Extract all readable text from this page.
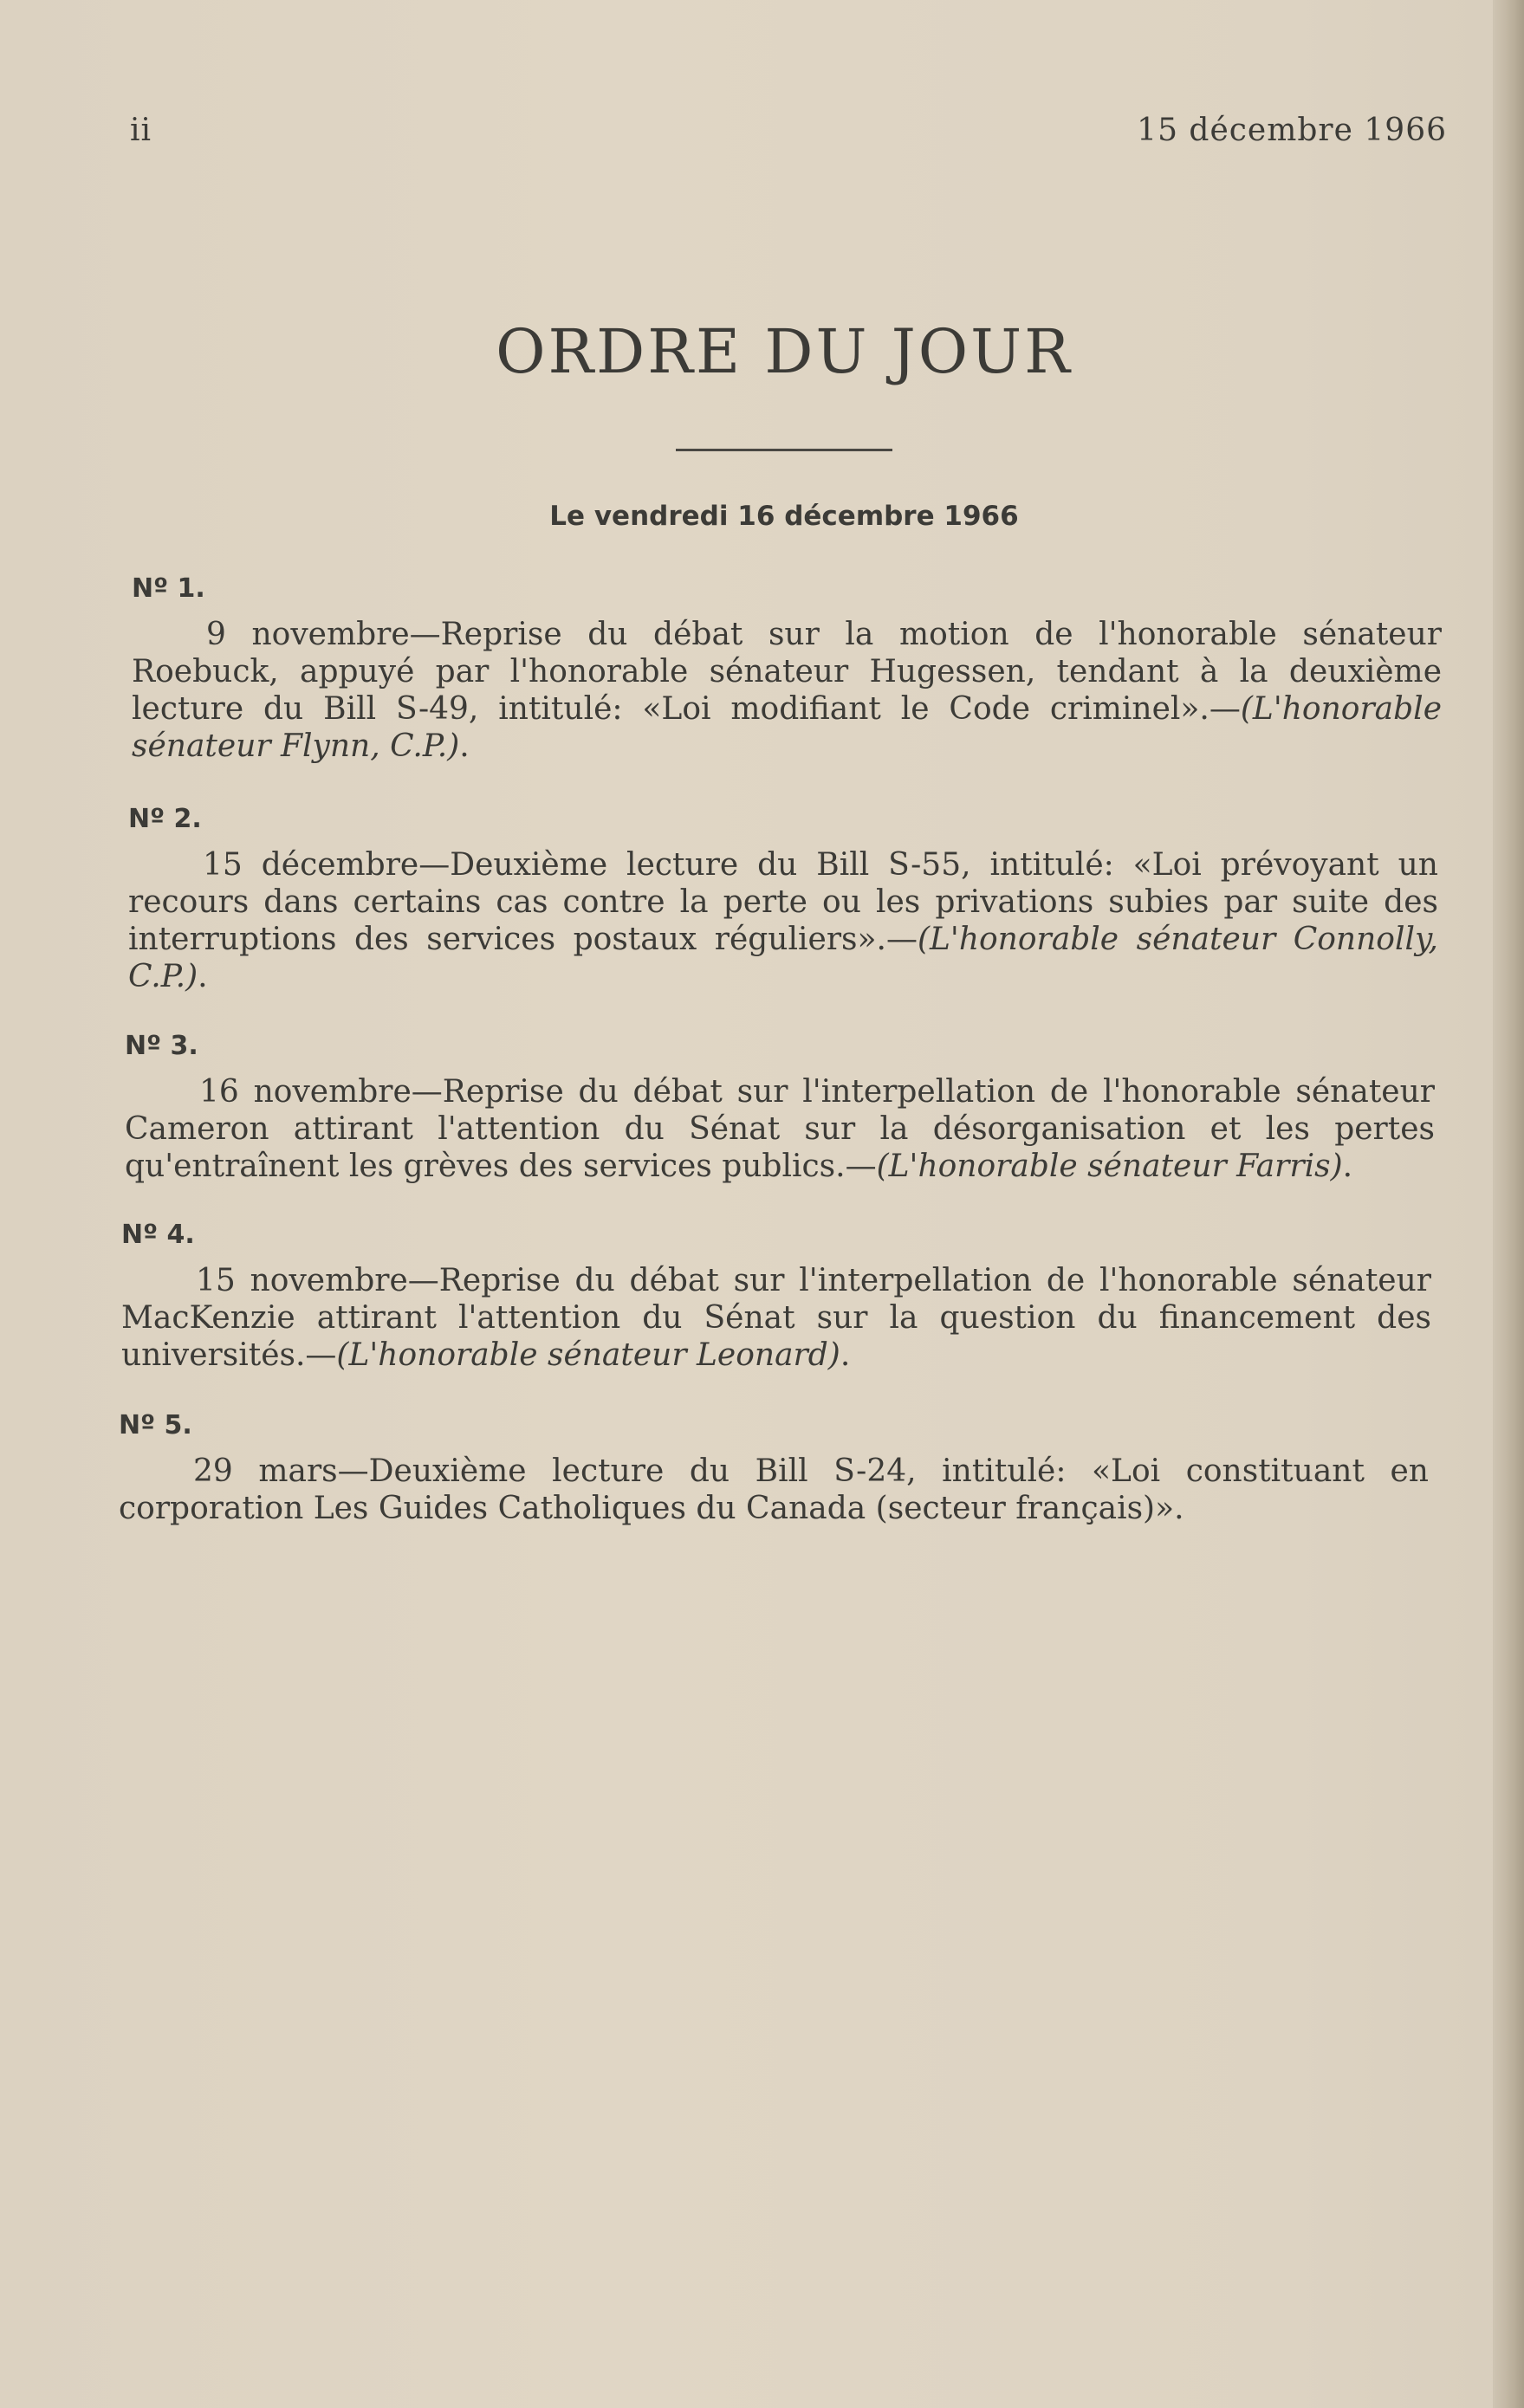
ii	15 décembre 1966
ORDRE DU JOUR
Le vendredi 16 décembre 1966
Nº 1.

9 novembre—Reprise du débat sur la motion de l'honorable sénateur Roebuck, appuyé par l'honorable sénateur Hugessen, tendant à la deuxième lecture du Bill S-49, intitulé: «Loi modifiant le Code criminel».—(L'honorable sénateur Flynn, C.P.).

Nº 2.

15 décembre—Deuxième lecture du Bill S-55, intitulé: «Loi prévoyant un recours dans certains cas contre la perte ou les privations subies par suite des interruptions des services postaux réguliers».—(L'honorable sénateur Connolly, C.P.).

Nº 3.

16 novembre—Reprise du débat sur l'interpellation de l'honorable sénateur Cameron attirant l'attention du Sénat sur la désorganisation et les pertes qu'entraînent les grèves des services publics.—(L'honorable sénateur Farris).

Nº 4.

15 novembre—Reprise du débat sur l'interpellation de l'honorable sénateur MacKenzie attirant l'attention du Sénat sur la question du financement des universités.—(L'honorable sénateur Leonard).

Nº 5.

29 mars—Deuxième lecture du Bill S-24, intitulé: «Loi constituant en corporation Les Guides Catholiques du Canada (secteur français)».
